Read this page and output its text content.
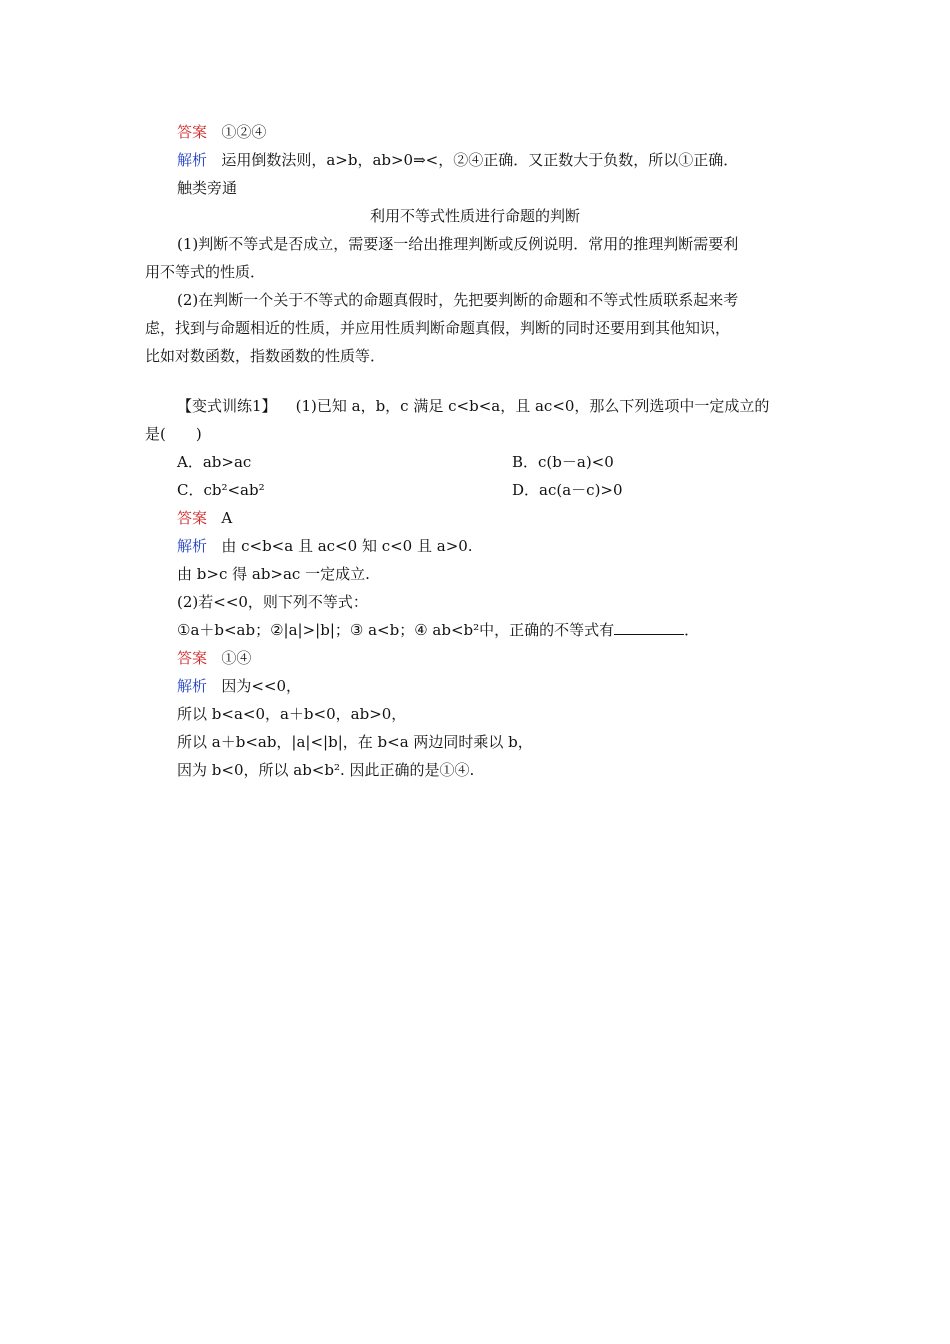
答案 ①②④
解析 运用倒数法则，a>b，ab>0⇒<，②④正确．又正数大于负数，所以①正确．
触类旁通
利用不等式性质进行命题的判断
(1)判断不等式是否成立，需要逐一给出推理判断或反例说明．常用的推理判断需要利
用不等式的性质．
(2)在判断一个关于不等式的命题真假时，先把要判断的命题和不等式性质联系起来考
虑，找到与命题相近的性质，并应用性质判断命题真假，判断的同时还要用到其他知识，
比如对数函数，指数函数的性质等．
【变式训练1】 (1)已知 a，b，c 满足 c<b<a，且 ac<0，那么下列选项中一定成立的
是(　　)
A．ab>ac	B．c(b－a)<0
C．cb²<ab²	D．ac(a－c)>0
答案 A
解析 由 c<b<a 且 ac<0 知 c<0 且 a>0.
由 b>c 得 ab>ac 一定成立.
(2)若<<0，则下列不等式：
①a＋b<ab；②|a|>|b|；③ a<b；④ ab<b²中，正确的不等式有	．
答案 ①④
解析 因为<<0，
所以 b<a<0，a＋b<0，ab>0，
所以 a＋b<ab，|a|<|b|，在 b<a 两边同时乘以 b，
因为 b<0，所以 ab<b². 因此正确的是①④.
